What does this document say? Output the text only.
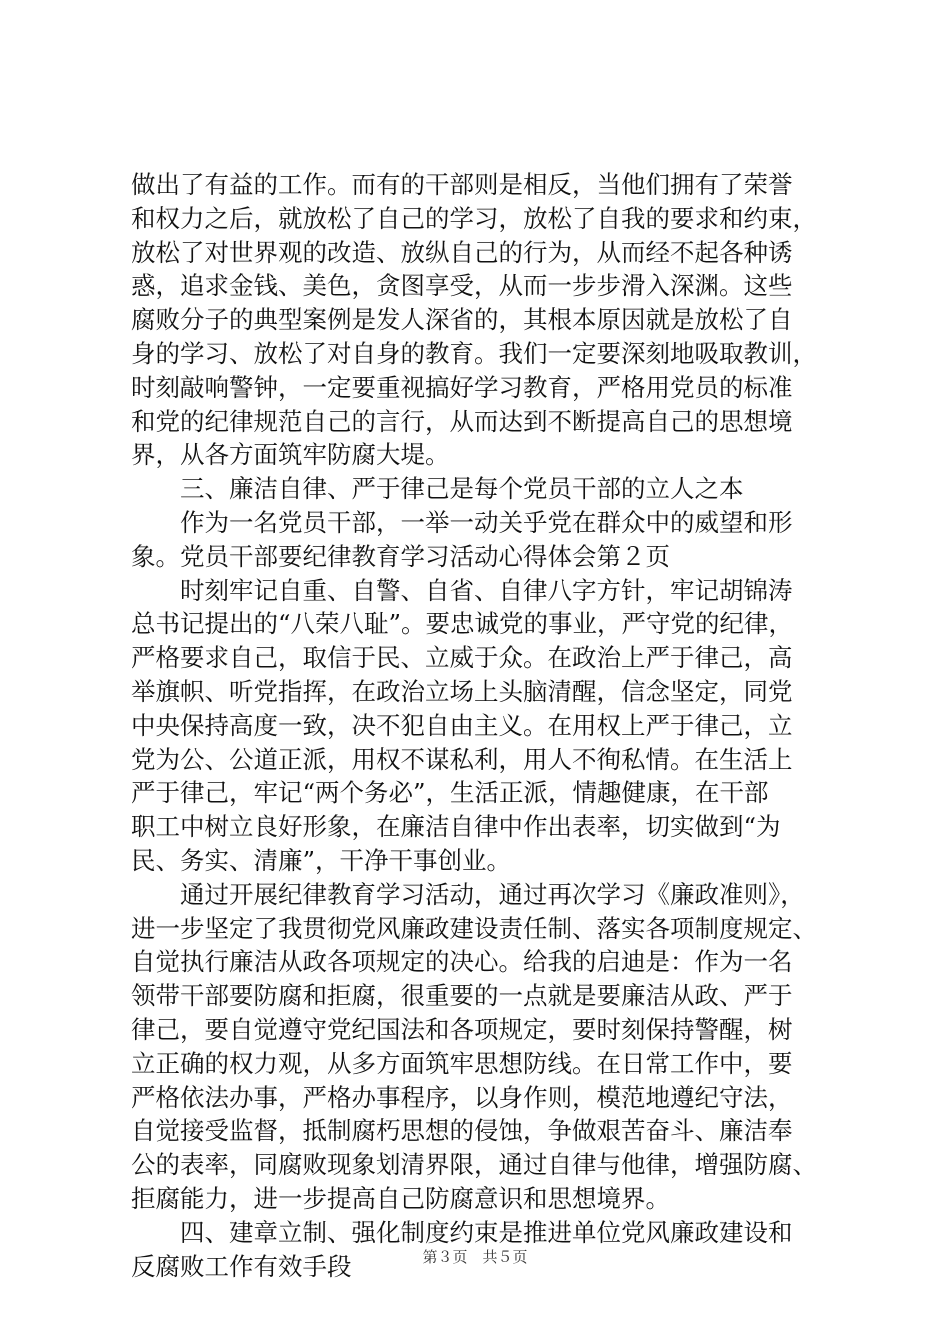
做出了有益的工作。而有的干部则是相反，当他们拥有了荣誉
和权力之后，就放松了自己的学习，放松了自我的要求和约束，
放松了对世界观的改造、放纵自己的行为，从而经不起各种诱
惑，追求金钱、美色，贪图享受，从而一步步滑入深渊。这些
腐败分子的典型案例是发人深省的，其根本原因就是放松了自
身的学习、放松了对自身的教育。我们一定要深刻地吸取教训，
时刻敲响警钟，一定要重视搞好学习教育，严格用党员的标准
和党的纪律规范自己的言行，从而达到不断提高自己的思想境
界，从各方面筑牢防腐大堤。
　　三、廉洁自律、严于律己是每个党员干部的立人之本
　　作为一名党员干部，一举一动关乎党在群众中的威望和形
象。党员干部要纪律教育学习活动心得体会第２页
　　时刻牢记自重、自警、自省、自律八字方针，牢记胡锦涛
总书记提出的“八荣八耻”。要忠诚党的事业，严守党的纪律，
严格要求自己，取信于民、立威于众。在政治上严于律己，高
举旗帜、听党指挥，在政治立场上头脑清醒，信念坚定，同党
中央保持高度一致，决不犯自由主义。在用权上严于律己，立
党为公、公道正派，用权不谋私利，用人不徇私情。在生活上
严于律己，牢记“两个务必”，生活正派，情趣健康，在干部
职工中树立良好形象，在廉洁自律中作出表率，切实做到“为
民、务实、清廉”，干净干事创业。
　　通过开展纪律教育学习活动，通过再次学习《廉政准则》，
进一步坚定了我贯彻党风廉政建设责任制、落实各项制度规定、
自觉执行廉洁从政各项规定的决心。给我的启迪是：作为一名
领带干部要防腐和拒腐，很重要的一点就是要廉洁从政、严于
律己，要自觉遵守党纪国法和各项规定，要时刻保持警醒，树
立正确的权力观，从多方面筑牢思想防线。在日常工作中，要
严格依法办事，严格办事程序，以身作则，模范地遵纪守法，
自觉接受监督，抵制腐朽思想的侵蚀，争做艰苦奋斗、廉洁奉
公的表率，同腐败现象划清界限，通过自律与他律，增强防腐、
拒腐能力，进一步提高自己防腐意识和思想境界。
　　四、建章立制、强化制度约束是推进单位党风廉政建设和
反腐败工作有效手段	第３页　共５页
